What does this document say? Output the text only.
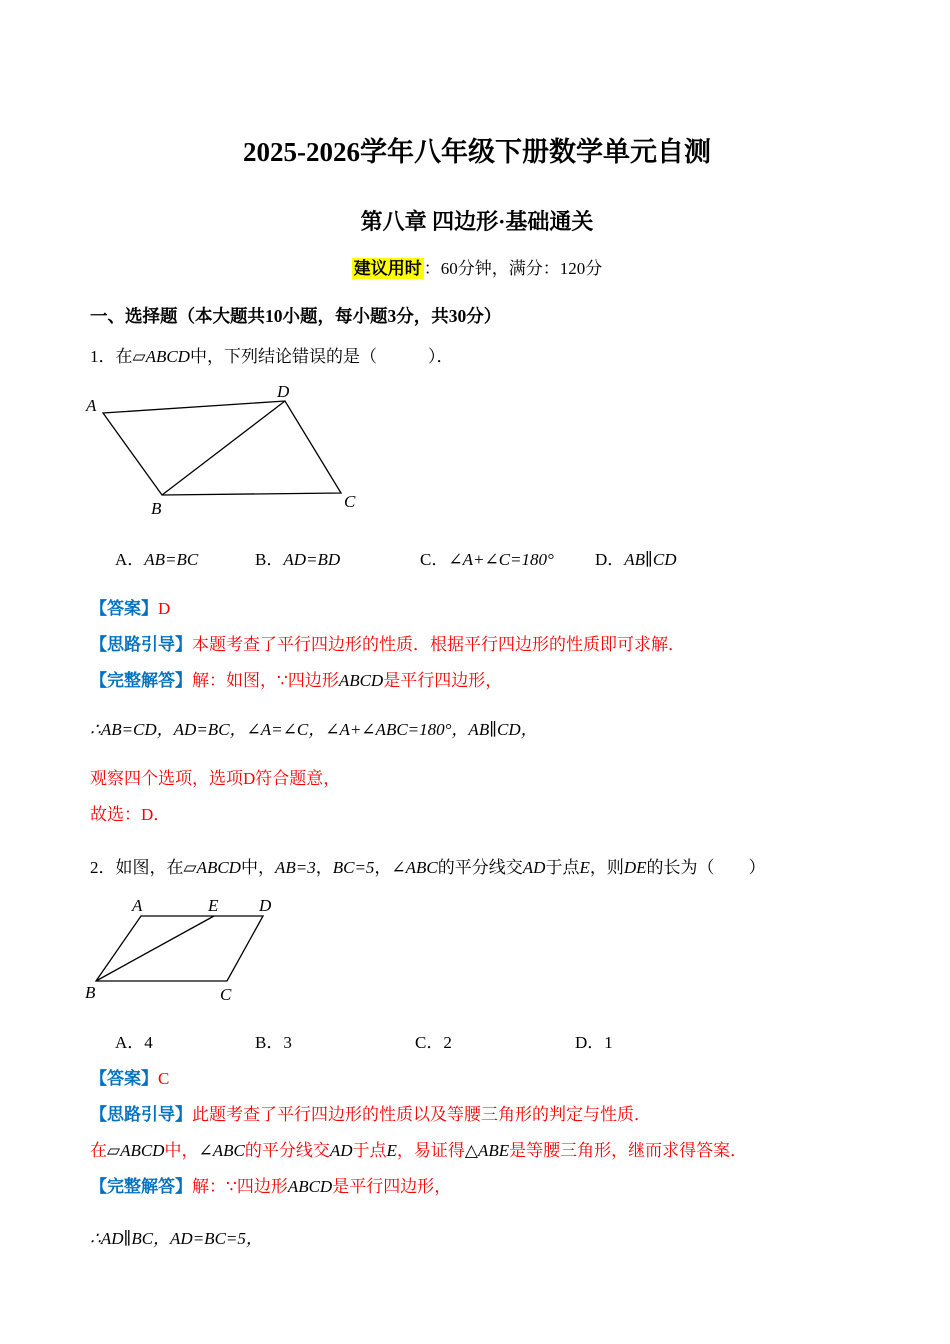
2025-2026学年八年级下册数学单元自测
第八章 四边形·基础通关

建议用时 ：60分钟，满分：120分

一、选择题（本大题共10小题，每小题3分，共30分）

1．在▱ABCD中，下列结论错误的是（　　　）．

A
D
B	C
A．AB=BC	B．AD=BD	C．∠A+∠C=180°	D．AB∥CD

【答案】D

【思路引导】本题考查了平行四边形的性质．根据平行四边形的性质即可求解．

【完整解答】解：如图，∵四边形ABCD是平行四边形，

∴AB=CD，AD=BC，∠A=∠C，∠A+∠ABC=180°，AB∥CD，

观察四个选项，选项D符合题意，

故选：D．

2．如图，在▱ABCD中，AB=3，BC=5，∠ABC的平分线交AD于点E，则DE的长为（　　）

A	E D
B	C
A．4	B．3	C．2	D．1

【答案】C

【思路引导】此题考查了平行四边形的性质以及等腰三角形的判定与性质．

在▱ABCD中，∠ABC的平分线交AD于点E，易证得△ABE是等腰三角形，继而求得答案．

【完整解答】解：∵四边形ABCD是平行四边形，

∴AD∥BC，AD=BC=5，
